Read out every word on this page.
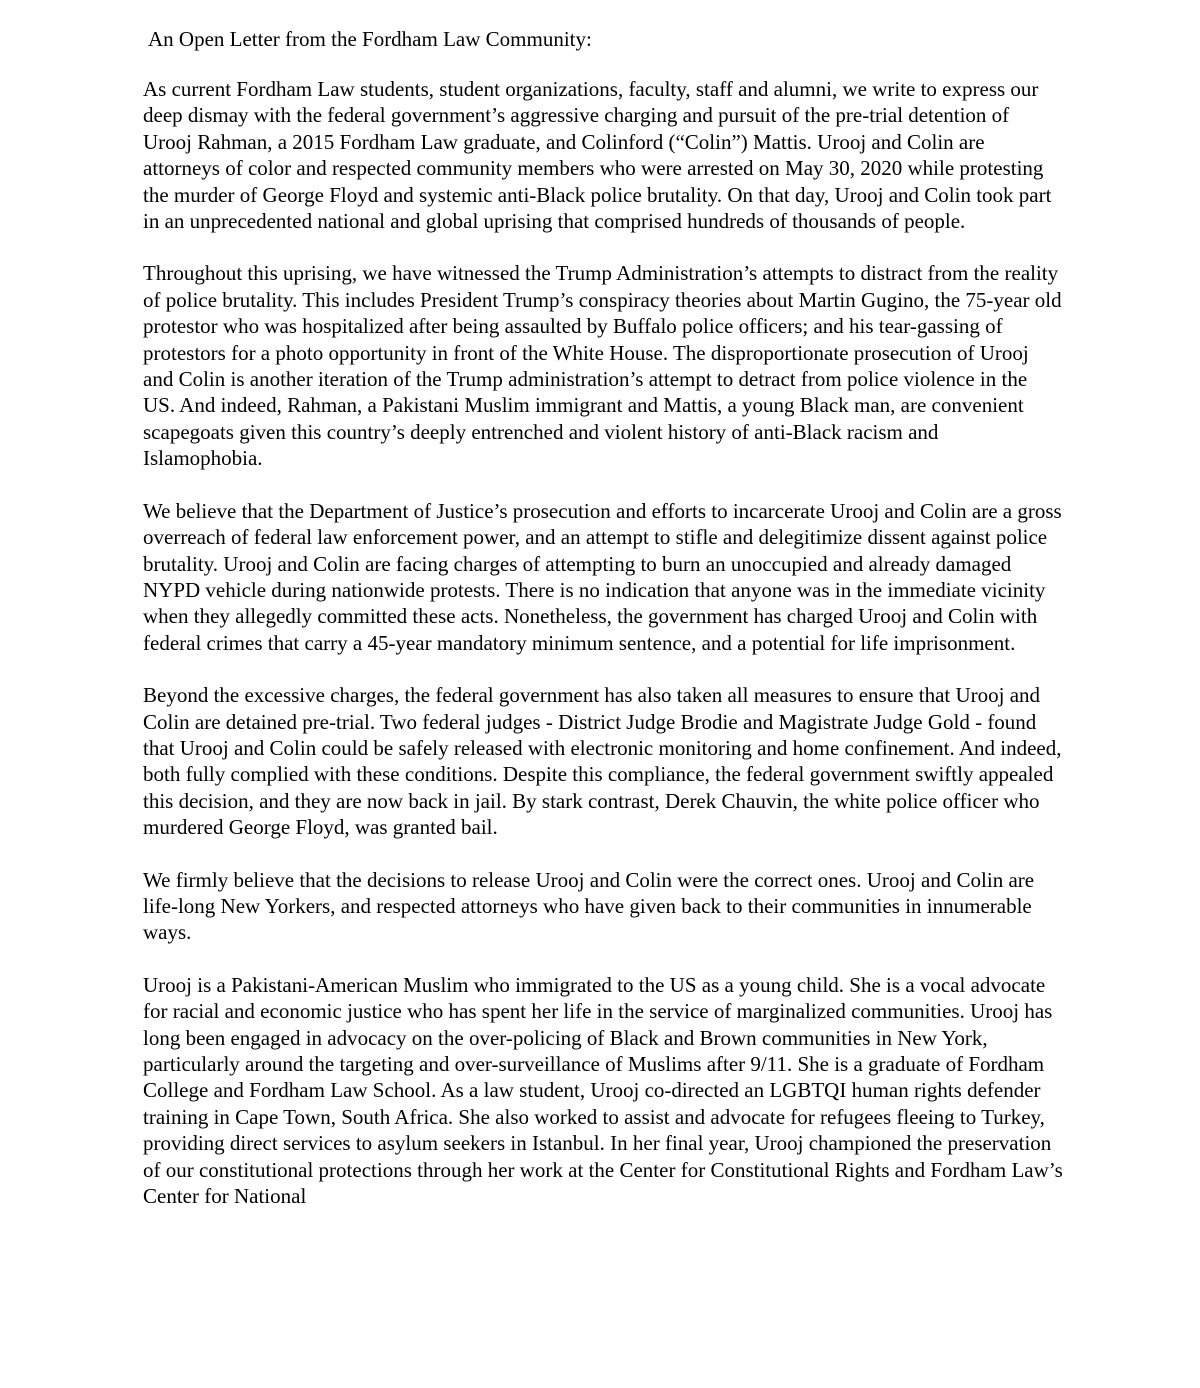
An Open Letter from the Fordham Law Community:

As current Fordham Law students, student organizations, faculty, staff and alumni, we write to express our deep dismay with the federal government’s aggressive charging and pursuit of the pre-trial detention of Urooj Rahman, a 2015 Fordham Law graduate, and Colinford (“Colin”) Mattis. Urooj and Colin are attorneys of color and respected community members who were arrested on May 30, 2020 while protesting the murder of George Floyd and systemic anti-Black police brutality. On that day, Urooj and Colin took part in an unprecedented national and global uprising that comprised hundreds of thousands of people.

Throughout this uprising, we have witnessed the Trump Administration’s attempts to distract from the reality of police brutality. This includes President Trump’s conspiracy theories about Martin Gugino, the 75-year old protestor who was hospitalized after being assaulted by Buffalo police officers; and his tear-gassing of protestors for a photo opportunity in front of the White House. The disproportionate prosecution of Urooj and Colin is another iteration of the Trump administration’s attempt to detract from police violence in the US. And indeed, Rahman, a Pakistani Muslim immigrant and Mattis, a young Black man, are convenient scapegoats given this country’s deeply entrenched and violent history of anti-Black racism and Islamophobia.

We believe that the Department of Justice’s prosecution and efforts to incarcerate Urooj and Colin are a gross overreach of federal law enforcement power, and an attempt to stifle and delegitimize dissent against police brutality. Urooj and Colin are facing charges of attempting to burn an unoccupied and already damaged NYPD vehicle during nationwide protests. There is no indication that anyone was in the immediate vicinity when they allegedly committed these acts. Nonetheless, the government has charged Urooj and Colin with federal crimes that carry a 45-year mandatory minimum sentence, and a potential for life imprisonment.

Beyond the excessive charges, the federal government has also taken all measures to ensure that Urooj and Colin are detained pre-trial. Two federal judges - District Judge Brodie and Magistrate Judge Gold - found that Urooj and Colin could be safely released with electronic monitoring and home confinement. And indeed, both fully complied with these conditions. Despite this compliance, the federal government swiftly appealed this decision, and they are now back in jail. By stark contrast, Derek Chauvin, the white police officer who murdered George Floyd, was granted bail.

We firmly believe that the decisions to release Urooj and Colin were the correct ones. Urooj and Colin are life-long New Yorkers, and respected attorneys who have given back to their communities in innumerable ways.

Urooj is a Pakistani-American Muslim who immigrated to the US as a young child. She is a vocal advocate for racial and economic justice who has spent her life in the service of marginalized communities. Urooj has long been engaged in advocacy on the over-policing of Black and Brown communities in New York, particularly around the targeting and over-surveillance of Muslims after 9/11. She is a graduate of Fordham College and Fordham Law School. As a law student, Urooj co-directed an LGBTQI human rights defender training in Cape Town, South Africa. She also worked to assist and advocate for refugees fleeing to Turkey, providing direct services to asylum seekers in Istanbul. In her final year, Urooj championed the preservation of our constitutional protections through her work at the Center for Constitutional Rights and Fordham Law’s Center for National
